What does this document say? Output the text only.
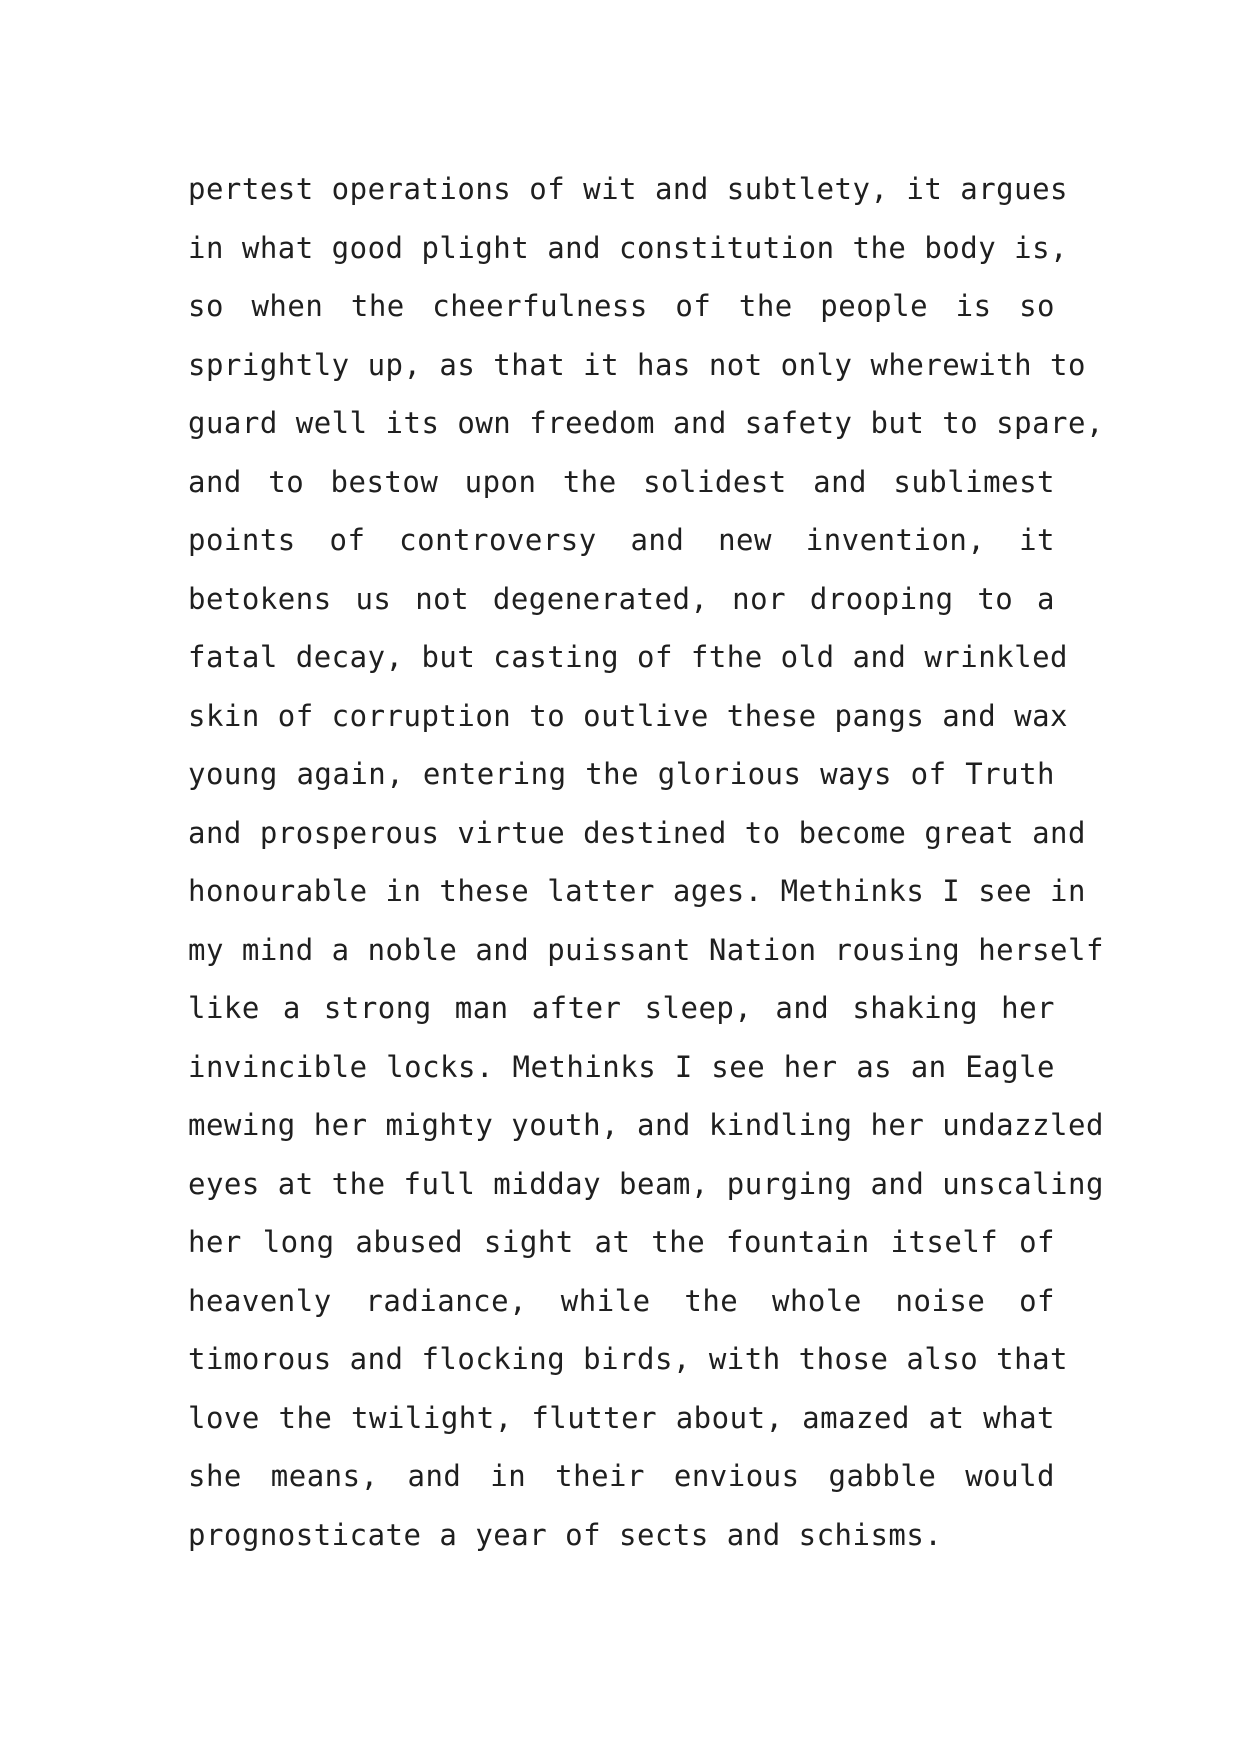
pertest operations of wit and subtlety, it argues
in what good plight and constitution the body is,
so when the cheerfulness of the people is so
sprightly up, as that it has not only wherewith to
guard well its own freedom and safety but to spare,
and to bestow upon the solidest and sublimest
points of controversy and new invention, it
betokens us not degenerated, nor drooping to a
fatal decay, but casting of fthe old and wrinkled
skin of corruption to outlive these pangs and wax
young again, entering the glorious ways of Truth
and prosperous virtue destined to become great and
honourable in these latter ages. Methinks I see in
my mind a noble and puissant Nation rousing herself
like a strong man after sleep, and shaking her
invincible locks. Methinks I see her as an Eagle
mewing her mighty youth, and kindling her undazzled
eyes at the full midday beam, purging and unscaling
her long abused sight at the fountain itself of
heavenly radiance, while the whole noise of
timorous and flocking birds, with those also that
love the twilight, flutter about, amazed at what
she means, and in their envious gabble would
prognosticate a year of sects and schisms.
